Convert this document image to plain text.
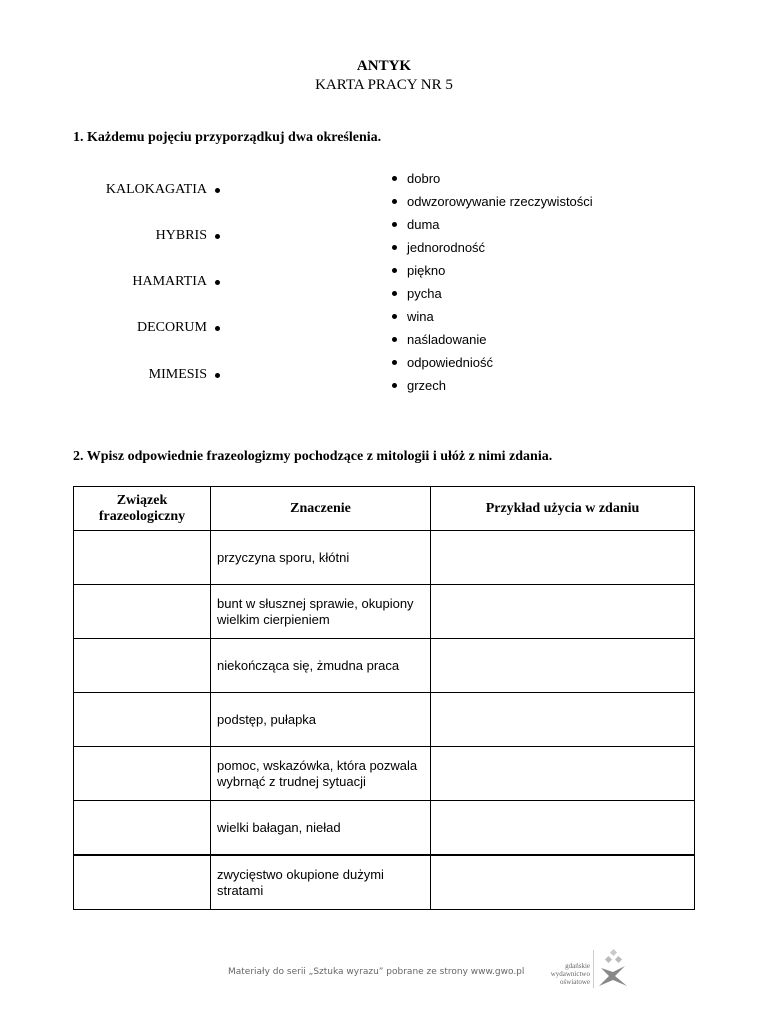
ANTYK
KARTA PRACY NR 5
1. Każdemu pojęciu przyporządkuj dwa określenia.
KALOKAGATIA
HYBRIS
HAMARTIA
DECORUM
MIMESIS
dobro
odwzorowywanie rzeczywistości
duma
jednorodność
piękno
pycha
wina
naśladowanie
odpowiedniość
grzech
2. Wpisz odpowiednie frazeologizmy pochodzące z mitologii i ułóż z nimi zdania.
Związek frazeologiczny	Znaczenie	Przykład użycia w zdaniu
	przyczyna sporu, kłótni	
	bunt w słusznej sprawie, okupiony wielkim cierpieniem	
	niekończąca się, żmudna praca	
	podstęp, pułapka	
	pomoc, wskazówka, która pozwala wybrnąć z trudnej sytuacji	
	wielki bałagan, nieład	
	zwycięstwo okupione dużymi stratami	
Materiały do serii „Sztuka wyrazu” pobrane ze strony www.gwo.pl
gdańskie
wydawnictwo
oświatowe
